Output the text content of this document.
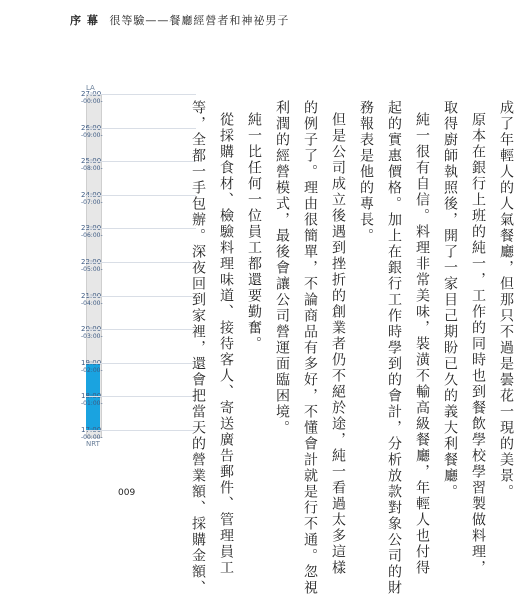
序 幕 很等驗——餐廳經營者和神祕男子
LA
27:00
-00:00-
26:00
-09:00-
25:00
-08:00-
24:00
-07:00-
23:00
-06:00-
22:00
-05:00-
21:00
-04:00-
20:00
-03:00-
19:00
-02:00-
18:00
-01:00-
17:00
-00:00-
NRT	成了年輕人的人氣餐廳，但那只不過是曇花一現的美景。
原本在銀行上班的純一，工作的同時也到餐飲學校學習製做料理，
取得廚師執照後，開了一家目己期盼已久的義大利餐廳。
純一很有自信。料理非常美味，裝潢不輸高級餐廳，年輕人也付得
起的實惠價格。加上在銀行工作時學到的會計，分析放款對象公司的財
務報表是他的專長。
但是公司成立後遇到挫折的創業者仍不絕於途，純一看過太多這樣
的例子了。理由很簡單，不論商品有多好，不懂會計就是行不通。忽視
利潤的經營模式，最後會讓公司營運面臨困境。
純一比任何一位員工都還要勤奮。
從採購食材、檢驗料理味道、接待客人、寄送廣告郵件、管理員工
等，全都一手包辦。深夜回到家裡，還會把當天的營業額、採購金額、
009
